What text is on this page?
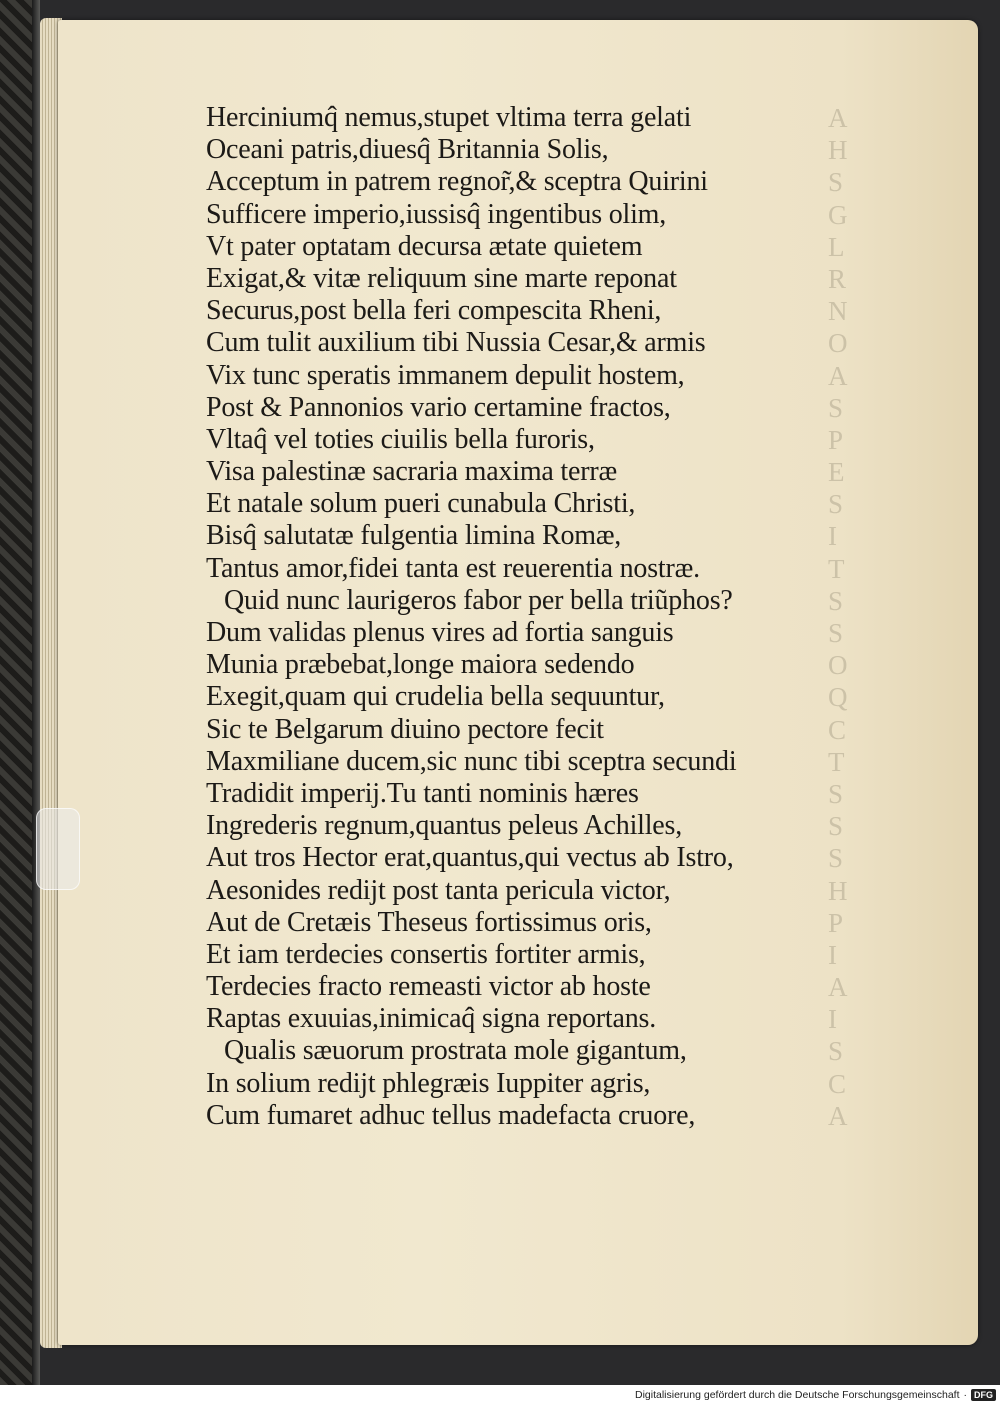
A
H
S
G
L
R
N
O
A
S
P
E
S
I
T
S
S
O
Q
C
T
S
S
S
H
P
I
A
I
S
C
A
Herciniumq̂ nemus,stupet vltima terra gelati
Oceani patris,diuesq̂ Britannia Solis,
Acceptum in patrem regnor̃,& sceptra Quirini
Sufficere imperio,iussisq̂ ingentibus olim,
Vt pater optatam decursa ætate quietem
Exigat,& vitæ reliquum sine marte reponat
Securus,post bella feri compescita Rheni,
Cum tulit auxilium tibi Nussia Cesar,& armis
Vix tunc speratis immanem depulit hostem,
Post & Pannonios vario certamine fractos,
Vltaq̂ vel toties ciuilis bella furoris,
Visa palestinæ sacraria maxima terræ
Et natale solum pueri cunabula Christi,
Bisq̂ salutatæ fulgentia limina Romæ,
Tantus amor,fidei tanta est reuerentia nostræ.
Quid nunc laurigeros fabor per bella triũphos?
Dum validas plenus vires ad fortia sanguis
Munia præbebat,longe maiora sedendo
Exegit,quam qui crudelia bella sequuntur,
Sic te Belgarum diuino pectore fecit
Maxmiliane ducem,sic nunc tibi sceptra secundi
Tradidit imperij.Tu tanti nominis hæres
Ingrederis regnum,quantus peleus Achilles,
Aut tros Hector erat,quantus,qui vectus ab Istro,
Aesonides redijt post tanta pericula victor,
Aut de Cretæis Theseus fortissimus oris,
Et iam terdecies consertis fortiter armis,
Terdecies fracto remeasti victor ab hoste
Raptas exuuias,inimicaq̂ signa reportans.
Qualis sæuorum prostrata mole gigantum,
In solium redijt phlegræis Iuppiter agris,
Cum fumaret adhuc tellus madefacta cruore,
Digitalisierung gefördert durch die Deutsche Forschungsgemeinschaft · DFG
